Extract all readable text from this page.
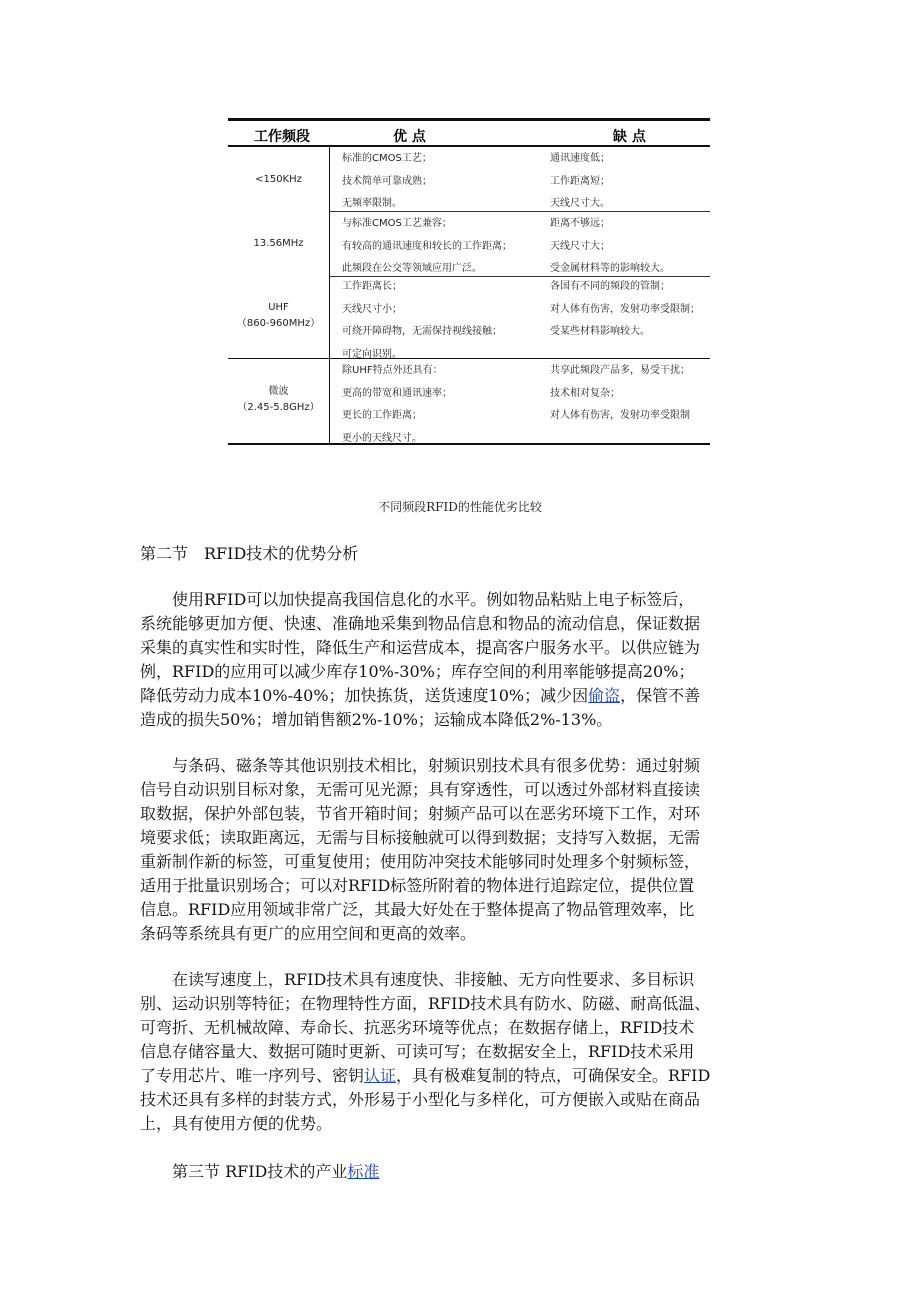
工作频段	优 点	缺 点
<150KHz
标准的CMOS工艺；
技术简单可靠成熟；
无频率限制。
通讯速度低；
工作距离短；
天线尺寸大。
13.56MHz
与标准CMOS工艺兼容；
有较高的通讯速度和较长的工作距离；
此频段在公交等领域应用广泛。
距离不够远；
天线尺寸大；
受金属材料等的影响较大。
UHF
（860-960MHz）
工作距离长；
天线尺寸小；
可绕开障碍物，无需保持视线接触；
可定向识别。
各国有不同的频段的管制；
对人体有伤害，发射功率受限制；
受某些材料影响较大。
微波
（2.45-5.8GHz）
除UHF特点外还具有：
更高的带宽和通讯速率；
更长的工作距离；
更小的天线尺寸。
共享此频段产品多，易受干扰；
技术相对复杂；
对人体有伤害，发射功率受限制
不同频段RFID的性能优劣比较
第二节　RFID技术的优势分析
　　使用RFID可以加快提高我国信息化的水平。例如物品粘贴上电子标签后，
系统能够更加方便、快速、准确地采集到物品信息和物品的流动信息，保证数据
采集的真实性和实时性，降低生产和运营成本，提高客户服务水平。以供应链为
例，RFID的应用可以减少库存10%-30%；库存空间的利用率能够提高20%；
降低劳动力成本10%-40%；加快拣货，送货速度10%；减少因偷盗，保管不善
造成的损失50%；增加销售额2%-10%；运输成本降低2%-13%。
　　与条码、磁条等其他识别技术相比，射频识别技术具有很多优势：通过射频
信号自动识别目标对象，无需可见光源；具有穿透性，可以透过外部材料直接读
取数据，保护外部包装，节省开箱时间；射频产品可以在恶劣环境下工作，对环
境要求低；读取距离远，无需与目标接触就可以得到数据；支持写入数据，无需
重新制作新的标签，可重复使用；使用防冲突技术能够同时处理多个射频标签，
适用于批量识别场合；可以对RFID标签所附着的物体进行追踪定位，提供位置
信息。RFID应用领域非常广泛，其最大好处在于整体提高了物品管理效率，比
条码等系统具有更广的应用空间和更高的效率。
　　在读写速度上，RFID技术具有速度快、非接触、无方向性要求、多目标识
别、运动识别等特征；在物理特性方面，RFID技术具有防水、防磁、耐高低温、
可弯折、无机械故障、寿命长、抗恶劣环境等优点；在数据存储上，RFID技术
信息存储容量大、数据可随时更新、可读可写；在数据安全上，RFID技术采用
了专用芯片、唯一序列号、密钥认证，具有极难复制的特点，可确保安全。RFID
技术还具有多样的封装方式，外形易于小型化与多样化，可方便嵌入或贴在商品
上，具有使用方便的优势。
　　第三节 RFID技术的产业标准
